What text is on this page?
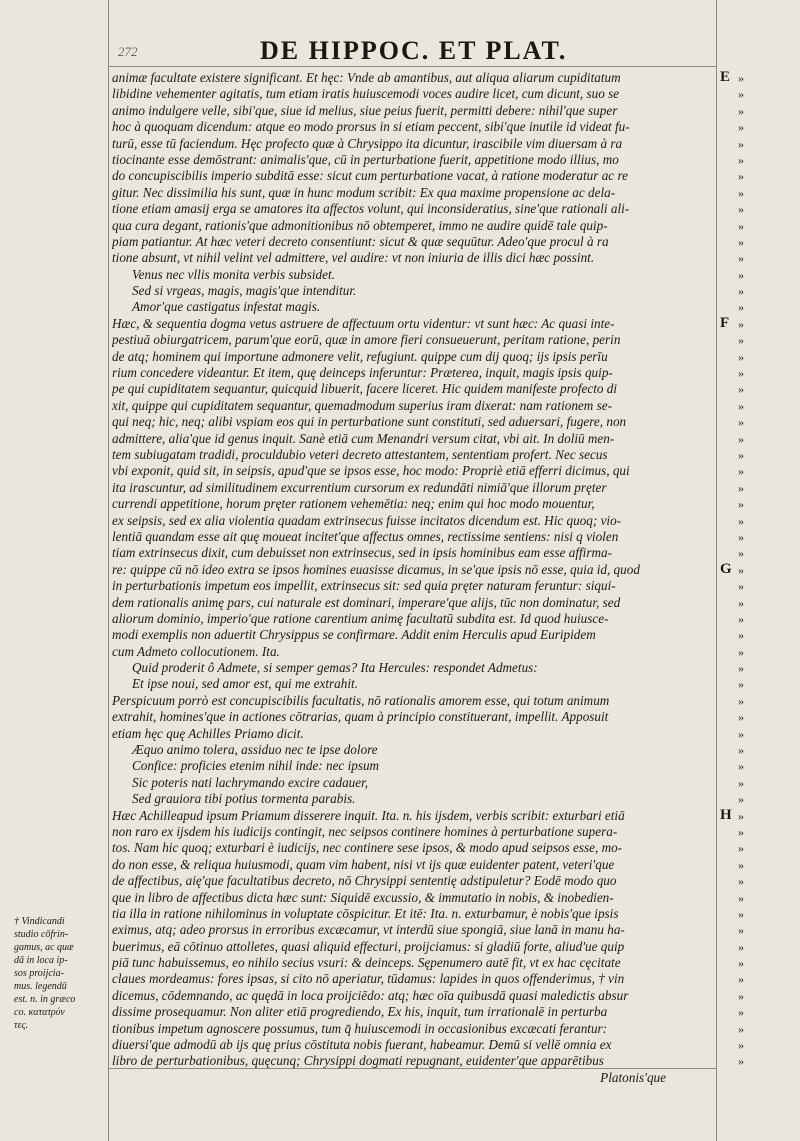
272	DE HIPPOC. ET PLAT.
animæ facultate existere significant. Et hęc: Vnde ab amantibus, aut aliqua aliarum cupiditatum
libidine vehementer agitatis, tum etiam iratis huiuscemodi voces audire licet, cum dicunt, suo se
animo indulgere velle, sibi'que, siue id melius, siue peius fuerit, permitti debere: nihil'que super
hoc à quoquam dicendum: atque eo modo prorsus in si etiam peccent, sibi'que inutile id videat fu-
turū, esse tū faciendum. Hęc profecto quæ à Chrysippo ita dicuntur, irascibile vim diuersam à ra
tiocinante esse demōstrant: animalis'que, cū in perturbatione fuerit, appetitione modo illius, mo
do concupiscibilis imperio subditā esse: sicut cum perturbatione vacat, à ratione moderatur ac re
gitur. Nec dissimilia his sunt, quæ in hunc modum scribit: Ex qua maxime propensione ac dela-
tione etiam amasij erga se amatores ita affectos volunt, qui inconsideratius, sine'que rationali ali-
qua cura degant, rationis'que admonitionibus nō obtemperet, immo ne audire quidē tale quip-
piam patiantur. At hæc veteri decreto consentiunt: sicut & quæ sequūtur. Adeo'que procul à ra
tione absunt, vt nihil velint vel admittere, vel audire: vt non iniuria de illis dici hæc possint.
Venus nec vllis monita verbis subsidet.
Sed si vrgeas, magis, magis'que intenditur.
Amor'que castigatus infestat magis.
Hæc, & sequentia dogma vetus astruere de affectuum ortu videntur: vt sunt hæc: Ac quasi inte-
pestiuā obiurgatricem, parum'que eorū, quæ in amore fieri consueuerunt, peritam ratione, perin
de atq; hominem qui importune admonere velit, refugiunt. quippe cum dij quoq; ijs ipsis perīu
rium concedere videantur. Et item, quę deinceps inferuntur: Præterea, inquit, magis ipsis quip-
pe qui cupiditatem sequantur, quicquid libuerit, facere liceret. Hic quidem manifeste profecto di
xit, quippe qui cupiditatem sequantur, quemadmodum superius iram dixerat: nam rationem se-
qui neq; hic, neq; alibi vspiam eos qui in perturbatione sunt constituti, sed aduersari, fugere, non
admittere, alia'que id genus inquit. Sanè etiā cum Menandri versum citat, vbi ait. In doliū men-
tem subiugatam tradidi, proculdubio veteri decreto attestantem, sententiam profert. Nec secus
vbi exponit, quid sit, in seipsis, apud'que se ipsos esse, hoc modo: Propriè etiā efferri dicimus, qui
ita irascuntur, ad similitudinem excurrentium cursorum ex redundāti nimiā'que illorum pręter
currendi appetitione, horum pręter rationem vehemētia: neq; enim qui hoc modo mouentur,
ex seipsis, sed ex alia violentia quadam extrinsecus fuisse incitatos dicendum est. Hic quoq; vio-
lentiā quandam esse ait quę moueat incitet'que affectus omnes, rectissime sentiens: nisi q violen
tiam extrinsecus dixit, cum debuisset non extrinsecus, sed in ipsis hominibus eam esse affirma-
re: quippe cū nō ideo extra se ipsos homines euasisse dicamus, in se'que ipsis nō esse, quia id, quod
in perturbationis impetum eos impellit, extrinsecus sit: sed quia pręter naturam feruntur: siqui-
dem rationalis animę pars, cui naturale est dominari, imperare'que alijs, tūc non dominatur, sed
aliorum dominio, imperio'que ratione carentium animę facultatū subdita est. Id quod huiusce-
modi exemplis non aduertit Chrysippus se confirmare. Addit enim Herculis apud Euripidem
cum Admeto collocutionem. Ita.
Quid proderit ô Admete, si semper gemas? Ita Hercules: respondet Admetus:
Et ipse noui, sed amor est, qui me extrahit.
Perspicuum porrò est concupiscibilis facultatis, nō rationalis amorem esse, qui totum animum
extrahit, homines'que in actiones cōtrarias, quam à principio constituerant, impellit. Apposuit
etiam hęc quę Achilles Priamo dicit.
Æquo animo tolera, assiduo nec te ipse dolore
Confice: proficies etenim nihil inde: nec ipsum
Sic poteris nati lachrymando excire cadauer,
Sed grauiora tibi potius tormenta parabis.
Hæc Achilleapud ipsum Priamum disserere inquit. Ita. n. his ijsdem, verbis scribit: exturbari etiā
non raro ex ijsdem his iudicijs contingit, nec seipsos continere homines à perturbatione supera-
tos. Nam hic quoq; exturbari è iudicijs, nec continere sese ipsos, & modo apud seipsos esse, mo-
do non esse, & reliqua huiusmodi, quam vim habent, nisi vt ijs quæ euidenter patent, veteri'que
de affectibus, aię'que facultatibus decreto, nō Chrysippi sententię adstipuletur? Eodē modo quo
que in libro de affectibus dicta hæc sunt: Siquidē excussio, & immutatio in nobis, & inobedien-
tia illa in ratione nihilominus in voluptate cōspicitur. Et itē: Ita. n. exturbamur, è nobis'que ipsis
eximus, atq; adeo prorsus in erroribus excæcamur, vt interdū siue spongiā, siue lanā in manu ha-
buerimus, eā cōtinuo attolletes, quasi aliquid effecturi, proijciamus: si gladiū forte, aliud'ue quip
piā tunc habuissemus, eo nihilo secius vsuri: & deinceps. Sępenumero autē fit, vt ex hac cęcitate
claues mordeamus: fores ipsas, si cito nō aperiatur, tūdamus: lapides in quos offenderimus, † vin
dicemus, cōdemnando, ac quędā in loca proijciēdo: atq; hæc oīa quibusdā quasi maledictis absur
dissime prosequamur. Non aliter etiā progrediendo, Ex his, inquit, tum irrationalē in perturba
tionibus impetum agnoscere possumus, tum q̄ huiuscemodi in occasionibus excæcati ferantur:
diuersi'que admodū ab ijs quę prius cōstituta nobis fuerant, habeamur. Demū si vellē omnia ex
libro de perturbationibus, quęcunq; Chrysippi dogmati repugnant, euidenter'que apparētibus
Platonis'que
E
F
G
H
»
»
»
»
»
»
»
»
»
»
»
»
»
»
»
»
»
»
»
»
»
»
»
»
»
»
»
»
»
»
»
»
»
»
»
»
»
»
»
»
»
»
»
»
»
»
»
»
»
»
»
»
»
»
»
»
»
»
»
»
»
† Vindicandi
studio cōfrin-
gamus, ac quæ
dā in loca ip-
sos proijcia-
mus. legendū
est. n. in græco
co. κατατρύν
τες.
